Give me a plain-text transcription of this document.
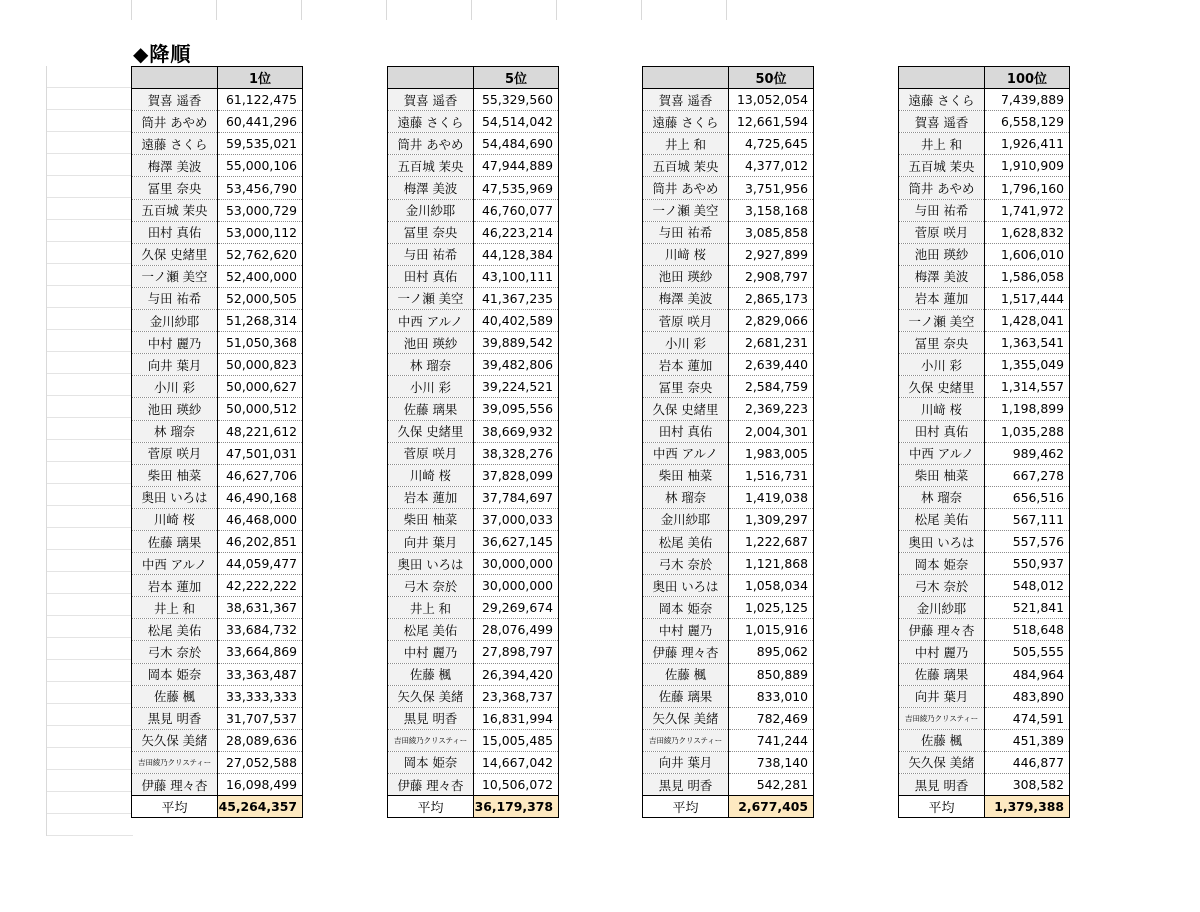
◆降順
	1位
賀喜 遥香	61,122,475
筒井 あやめ	60,441,296
遠藤 さくら	59,535,021
梅澤 美波	55,000,106
冨里 奈央	53,456,790
五百城 茉央	53,000,729
田村 真佑	53,000,112
久保 史緒里	52,762,620
一ノ瀬 美空	52,400,000
与田 祐希	52,000,505
金川紗耶	51,268,314
中村 麗乃	51,050,368
向井 葉月	50,000,823
小川 彩	50,000,627
池田 瑛紗	50,000,512
林 瑠奈	48,221,612
菅原 咲月	47,501,031
柴田 柚菜	46,627,706
奥田 いろは	46,490,168
川崎 桜	46,468,000
佐藤 璃果	46,202,851
中西 アルノ	44,059,477
岩本 蓮加	42,222,222
井上 和	38,631,367
松尾 美佑	33,684,732
弓木 奈於	33,664,869
岡本 姫奈	33,363,487
佐藤 楓	33,333,333
黒見 明香	31,707,537
矢久保 美緒	28,089,636
吉田綾乃クリスティー	27,052,588
伊藤 理々杏	16,098,499
平均	45,264,357
	5位
賀喜 遥香	55,329,560
遠藤 さくら	54,514,042
筒井 あやめ	54,484,690
五百城 茉央	47,944,889
梅澤 美波	47,535,969
金川紗耶	46,760,077
冨里 奈央	46,223,214
与田 祐希	44,128,384
田村 真佑	43,100,111
一ノ瀬 美空	41,367,235
中西 アルノ	40,402,589
池田 瑛紗	39,889,542
林 瑠奈	39,482,806
小川 彩	39,224,521
佐藤 璃果	39,095,556
久保 史緒里	38,669,932
菅原 咲月	38,328,276
川崎 桜	37,828,099
岩本 蓮加	37,784,697
柴田 柚菜	37,000,033
向井 葉月	36,627,145
奥田 いろは	30,000,000
弓木 奈於	30,000,000
井上 和	29,269,674
松尾 美佑	28,076,499
中村 麗乃	27,898,797
佐藤 楓	26,394,420
矢久保 美緒	23,368,737
黒見 明香	16,831,994
吉田綾乃クリスティー	15,005,485
岡本 姫奈	14,667,042
伊藤 理々杏	10,506,072
平均	36,179,378
	50位
賀喜 遥香	13,052,054
遠藤 さくら	12,661,594
井上 和	4,725,645
五百城 茉央	4,377,012
筒井 あやめ	3,751,956
一ノ瀬 美空	3,158,168
与田 祐希	3,085,858
川﨑 桜	2,927,899
池田 瑛紗	2,908,797
梅澤 美波	2,865,173
菅原 咲月	2,829,066
小川 彩	2,681,231
岩本 蓮加	2,639,440
冨里 奈央	2,584,759
久保 史緒里	2,369,223
田村 真佑	2,004,301
中西 アルノ	1,983,005
柴田 柚菜	1,516,731
林 瑠奈	1,419,038
金川紗耶	1,309,297
松尾 美佑	1,222,687
弓木 奈於	1,121,868
奥田 いろは	1,058,034
岡本 姫奈	1,025,125
中村 麗乃	1,015,916
伊藤 理々杏	895,062
佐藤 楓	850,889
佐藤 璃果	833,010
矢久保 美緒	782,469
吉田綾乃クリスティー	741,244
向井 葉月	738,140
黒見 明香	542,281
平均	2,677,405
	100位
遠藤 さくら	7,439,889
賀喜 遥香	6,558,129
井上 和	1,926,411
五百城 茉央	1,910,909
筒井 あやめ	1,796,160
与田 祐希	1,741,972
菅原 咲月	1,628,832
池田 瑛紗	1,606,010
梅澤 美波	1,586,058
岩本 蓮加	1,517,444
一ノ瀬 美空	1,428,041
冨里 奈央	1,363,541
小川 彩	1,355,049
久保 史緒里	1,314,557
川﨑 桜	1,198,899
田村 真佑	1,035,288
中西 アルノ	989,462
柴田 柚菜	667,278
林 瑠奈	656,516
松尾 美佑	567,111
奥田 いろは	557,576
岡本 姫奈	550,937
弓木 奈於	548,012
金川紗耶	521,841
伊藤 理々杏	518,648
中村 麗乃	505,555
佐藤 璃果	484,964
向井 葉月	483,890
吉田綾乃クリスティー	474,591
佐藤 楓	451,389
矢久保 美緒	446,877
黒見 明香	308,582
平均	1,379,388
